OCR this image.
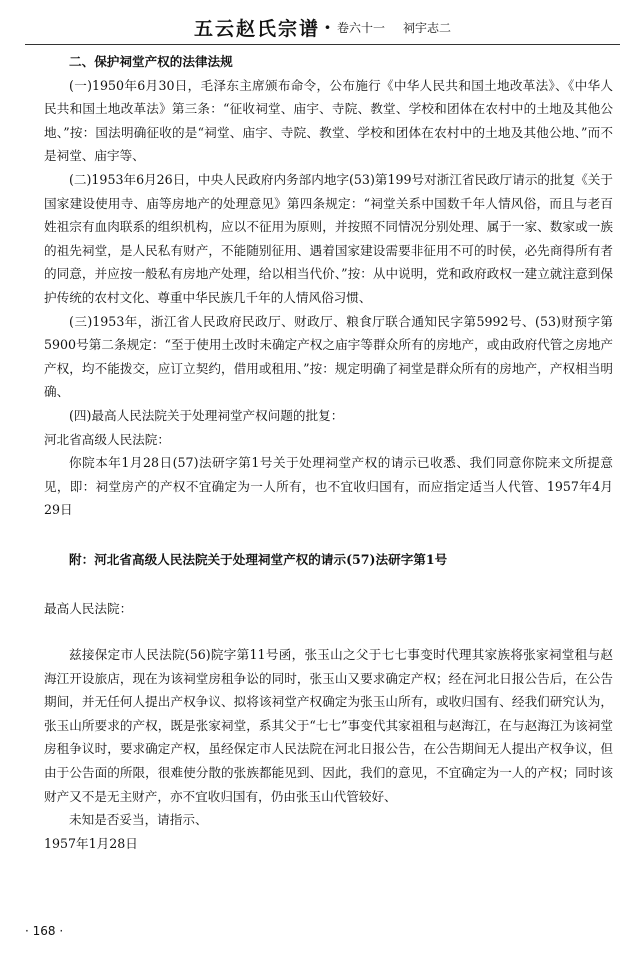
五云赵氏宗谱 · 卷六十一 祠宇志二

二、保护祠堂产权的法律法规

(一)1950年6月30日，毛泽东主席颁布命令，公布施行《中华人民共和国土地改革法》、《中华人民共和国土地改革法》第三条：“征收祠堂、庙宇、寺院、教堂、学校和团体在农村中的土地及其他公地、”按：国法明确征收的是“祠堂、庙宇、寺院、教堂、学校和团体在农村中的土地及其他公地、”而不是祠堂、庙宇等、

(二)1953年6月26日，中央人民政府内务部内地字(53)第199号对浙江省民政厅请示的批复《关于国家建设使用寺、庙等房地产的处理意见》第四条规定：“祠堂关系中国数千年人情风俗，而且与老百姓祖宗有血肉联系的组织机构，应以不征用为原则，并按照不同情况分别处理、属于一家、数家或一族的祖先祠堂，是人民私有财产，不能随别征用、遇着国家建设需要非征用不可的时侯，必先商得所有者的同意，并应按一般私有房地产处理，给以相当代价、”按：从中说明，党和政府政权一建立就注意到保护传统的农村文化、尊重中华民族几千年的人情风俗习惯、

(三)1953年，浙江省人民政府民政厅、财政厅、粮食厅联合通知民字第5992号、(53)财预字第5900号第二条规定：“至于使用土改时未确定产权之庙宇等群众所有的房地产，或由政府代管之房地产产权，均不能拨交，应订立契约，借用或租用、”按：规定明确了祠堂是群众所有的房地产，产权相当明确、

(四)最高人民法院关于处理祠堂产权问题的批复：

河北省高级人民法院：

你院本年1月28日(57)法研字第1号关于处理祠堂产权的请示已收悉、我们同意你院来文所提意见，即：祠堂房产的产权不宜确定为一人所有，也不宜收归国有，而应指定适当人代管、1957年4月29日

附：河北省高级人民法院关于处理祠堂产权的请示(57)法研字第1号

最高人民法院：

兹接保定市人民法院(56)院字第11号函，张玉山之父于七七事变时代理其家族将张家祠堂租与赵海江开设旅店，现在为该祠堂房租争讼的同时，张玉山又要求确定产权；经在河北日报公告后，在公告期间，并无任何人提出产权争议、拟将该祠堂产权确定为张玉山所有，或收归国有、经我们研究认为，张玉山所要求的产权，既是张家祠堂，系其父于“七七”事变代其家祖租与赵海江，在与赵海江为该祠堂房租争议时，要求确定产权，虽经保定市人民法院在河北日报公告，在公告期间无人提出产权争议，但由于公告面的所限，很难使分散的张族都能见到、因此，我们的意见，不宜确定为一人的产权；同时该财产又不是无主财产，亦不宜收归国有，仍由张玉山代管较好、

未知是否妥当，请指示、

1957年1月28日

· 168 ·
